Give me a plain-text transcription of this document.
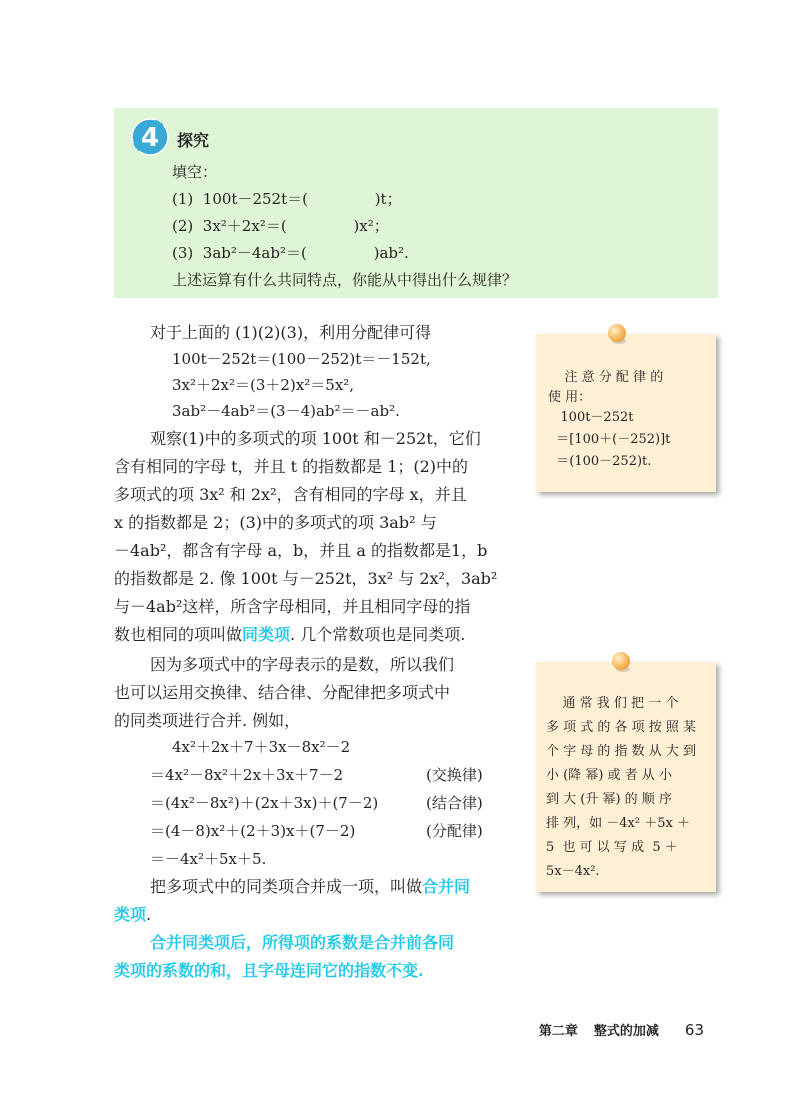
4 探究
填空：
(1)  100t－252t＝(              )t；
(2)  3x²＋2x²＝(              )x²；
(3)  3ab²－4ab²＝(              )ab².
上述运算有什么共同特点，你能从中得出什么规律？
对于上面的 (1)(2)(3)，利用分配律可得
100t－252t＝(100－252)t＝－152t,
3x²＋2x²＝(3＋2)x²＝5x²,
3ab²－4ab²＝(3－4)ab²＝－ab².
观察(1)中的多项式的项 100t 和－252t，它们
含有相同的字母 t，并且 t 的指数都是 1；(2)中的
多项式的项 3x² 和 2x²，含有相同的字母 x，并且
x 的指数都是 2；(3)中的多项式的项 3ab² 与
－4ab²，都含有字母 a，b，并且 a 的指数都是1，b
的指数都是 2. 像 100t 与－252t，3x² 与 2x²，3ab²
与－4ab²这样，所含字母相同，并且相同字母的指
数也相同的项叫做同类项. 几个常数项也是同类项.
因为多项式中的字母表示的是数，所以我们
也可以运用交换律、结合律、分配律把多项式中
的同类项进行合并. 例如，
4x²＋2x＋7＋3x－8x²－2
＝4x²－8x²＋2x＋3x＋7－2	(交换律)
＝(4x²－8x²)＋(2x＋3x)＋(7－2)	(结合律)
＝(4－8)x²＋(2＋3)x＋(7－2)	(分配律)
＝－4x²＋5x＋5.
把多项式中的同类项合并成一项，叫做合并同
类项.
合并同类项后，所得项的系数是合并前各同
类项的系数的和，且字母连同它的指数不变.
注 意 分 配 律 的
使 用：
100t－252t
＝[100＋(－252)]t
＝(100－252)t.
通 常 我 们 把 一 个
多 项 式 的 各 项 按 照 某
个 字 母 的 指 数 从 大 到
小 (降 幂) 或 者 从 小
到 大 (升 幂) 的 顺 序
排 列，如 －4x² ＋5x ＋
5  也 可 以 写 成  5 ＋
5x－4x².
第二章 整式的加减 63
